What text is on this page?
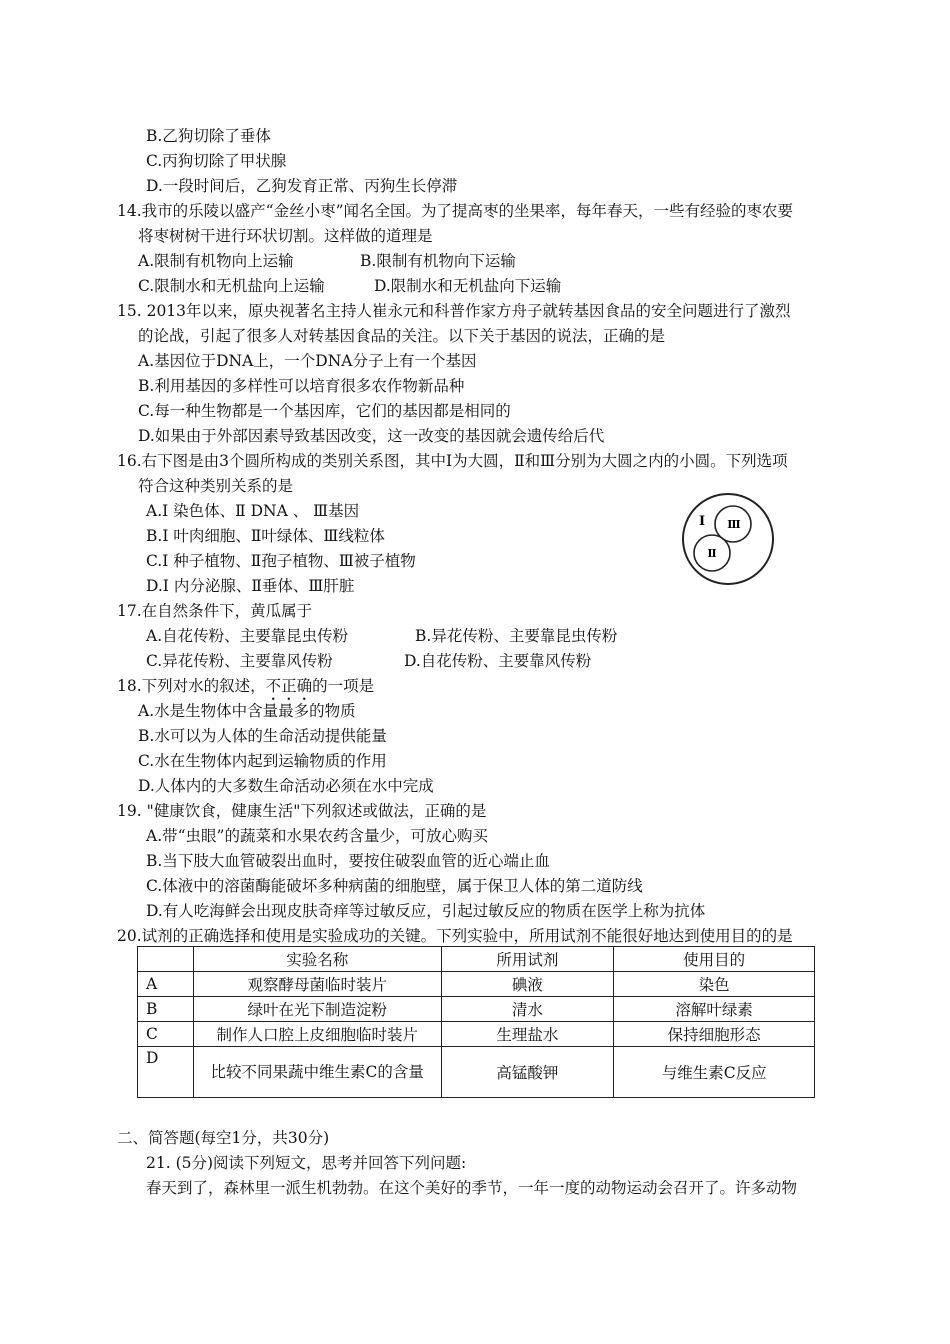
B.乙狗切除了垂体
C.丙狗切除了甲状腺
D.一段时间后，乙狗发育正常、丙狗生长停滞
14.我市的乐陵以盛产“金丝小枣”闻名全国。为了提高枣的坐果率，每年春天，一些有经验的枣农要
将枣树树干进行环状切割。这样做的道理是
A.限制有机物向上运输	B.限制有机物向下运输
C.限制水和无机盐向上运输	D.限制水和无机盐向下运输
15. 2013年以来，原央视著名主持人崔永元和科普作家方舟子就转基因食品的安全问题进行了激烈
的论战，引起了很多人对转基因食品的关注。以下关于基因的说法，正确的是
A.基因位于DNA上，一个DNA分子上有一个基因
B.利用基因的多样性可以培育很多农作物新品种
C.每一种生物都是一个基因库，它们的基因都是相同的
D.如果由于外部因素导致基因改变，这一改变的基因就会遗传给后代
16.右下图是由3个圆所构成的类别关系图，其中Ⅰ为大圆，Ⅱ和Ⅲ分别为大圆之内的小圆。下列选项
符合这种类别关系的是
A.Ⅰ 染色体、Ⅱ DNA 、 Ⅲ基因
B.Ⅰ 叶肉细胞、Ⅱ叶绿体、Ⅲ线粒体
C.Ⅰ 种子植物、Ⅱ孢子植物、Ⅲ被子植物
D.Ⅰ 内分泌腺、Ⅱ垂体、Ⅲ肝脏
Ⅰ Ⅲ
Ⅱ
17.在自然条件下，黄瓜属于
A.自花传粉、主要靠昆虫传粉	B.异花传粉、主要靠昆虫传粉
C.异花传粉、主要靠风传粉	D.自花传粉、主要靠风传粉
18.下列对水的叙述，不正确的一项是
A.水是生物体中含量最多的物质
B.水可以为人体的生命活动提供能量
C.水在生物体内起到运输物质的作用
D.人体内的大多数生命活动必须在水中完成
19. "健康饮食，健康生活"下列叙述或做法，正确的是
A.带“虫眼”的蔬菜和水果农药含量少，可放心购买
B.当下肢大血管破裂出血时，要按住破裂血管的近心端止血
C.体液中的溶菌酶能破坏多种病菌的细胞壁，属于保卫人体的第二道防线
D.有人吃海鲜会出现皮肤奇痒等过敏反应，引起过敏反应的物质在医学上称为抗体
20.试剂的正确选择和使用是实验成功的关键。下列实验中，所用试剂不能很好地达到使用目的的是
	实验名称	所用试剂	使用目的
A	观察酵母菌临时装片	碘液	染色
B	绿叶在光下制造淀粉	清水	溶解叶绿素
C	制作人口腔上皮细胞临时装片	生理盐水	保持细胞形态
D	比较不同果蔬中维生素C的含量	高锰酸钾	与维生素C反应
二、简答题(每空1分，共30分)
21. (5分)阅读下列短文，思考并回答下列问题:
春天到了，森林里一派生机勃勃。在这个美好的季节，一年一度的动物运动会召开了。许多动物
